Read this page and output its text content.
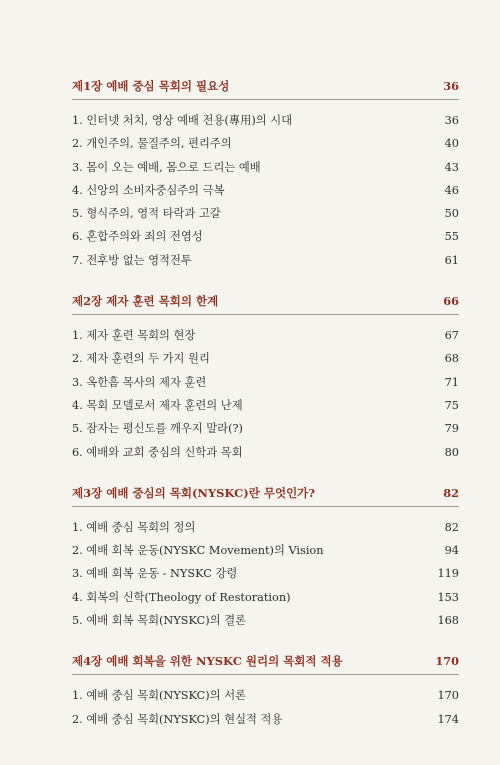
제1장 예배 중심 목회의 필요성	36
1. 인터넷 처치, 영상 예배 전용(專用)의 시대	36
2. 개인주의, 물질주의, 편리주의	40
3. 몸이 오는 예배, 몸으로 드리는 예배	43
4. 신앙의 소비자중심주의 극복	46
5. 형식주의, 영적 타락과 고갈	50
6. 혼합주의와 죄의 전염성	55
7. 전후방 없는 영적전투	61
제2장 제자 훈련 목회의 한계	66
1. 제자 훈련 목회의 현장	67
2. 제자 훈련의 두 가지 원리	68
3. 옥한흠 목사의 제자 훈련	71
4. 목회 모델로서 제자 훈련의 난제	75
5. 잠자는 평신도를 깨우지 말라(?)	79
6. 예배와 교회 중심의 신학과 목회	80
제3장 예배 중심의 목회(NYSKC)란 무엇인가?	82
1. 예배 중심 목회의 정의	82
2. 예배 회복 운동(NYSKC Movement)의 Vision	94
3. 예배 회복 운동 - NYSKC 강령	119
4. 회복의 신학(Theology of Restoration)	153
5. 예배 회복 목회(NYSKC)의 결론	168
제4장 예배 회복을 위한 NYSKC 원리의 목회적 적용	170
1. 예배 중심 목회(NYSKC)의 서론	170
2. 예배 중심 목회(NYSKC)의 현실적 적용	174
